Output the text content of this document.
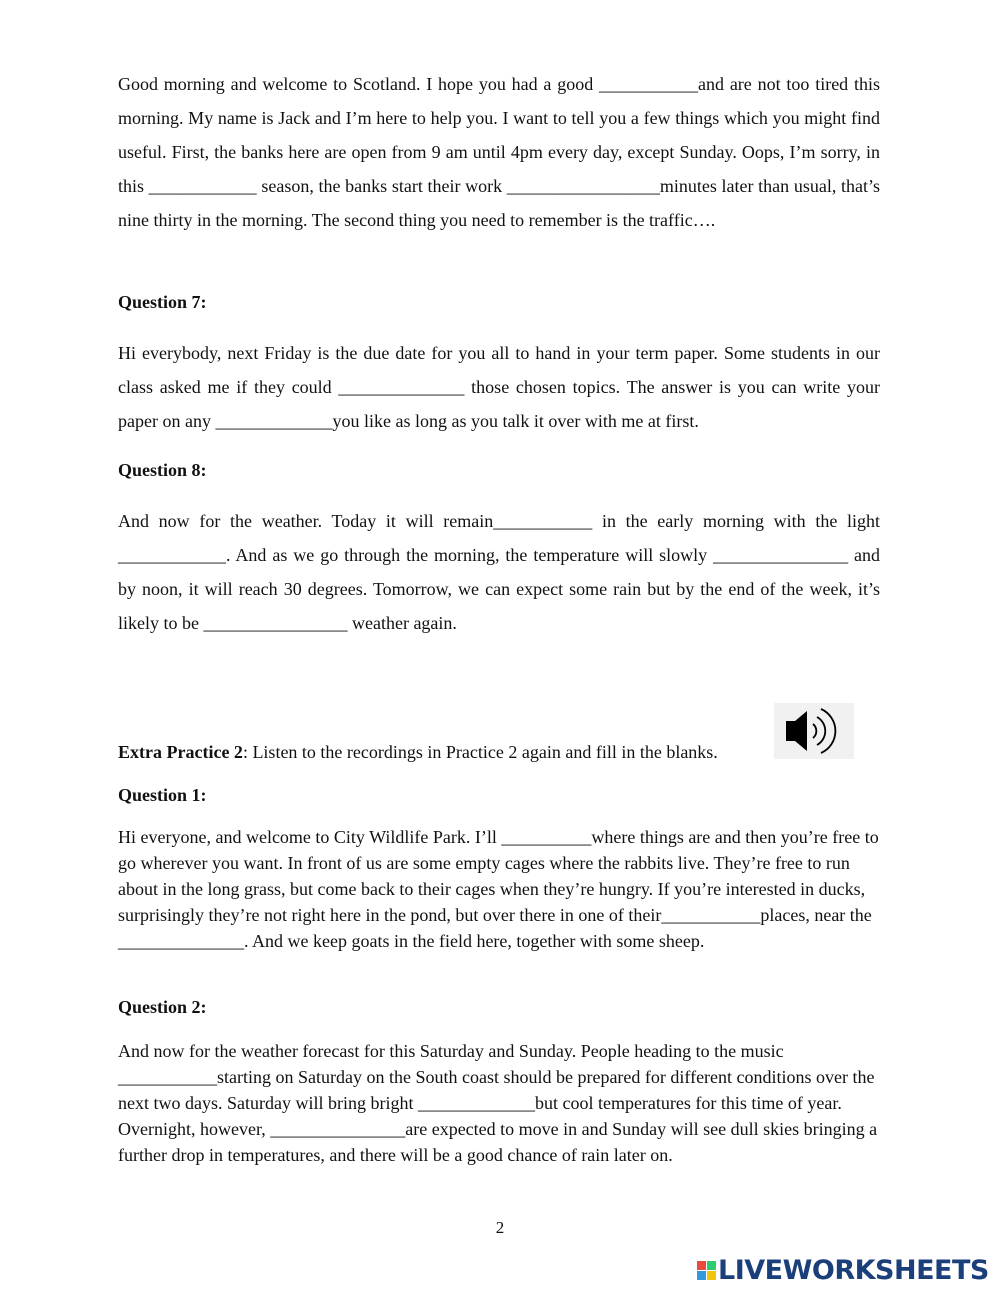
Good morning and welcome to Scotland. I hope you had a good ___________and are not too tired this morning. My name is Jack and I’m here to help you. I want to tell you a few things which you might find useful. First, the banks here are open from 9 am until 4pm every day, except Sunday. Oops, I’m sorry, in this ____________ season, the banks start their work _________________minutes later than usual, that’s nine thirty in the morning. The second thing you need to remember is the traffic….

Question 7:

Hi everybody, next Friday is the due date for you all to hand in your term paper. Some students in our class asked me if they could ______________ those chosen topics. The answer is you can write your paper on any _____________you like as long as you talk it over with me at first.

Question 8:

And now for the weather. Today it will remain___________ in the early morning with the light ____________. And as we go through the morning, the temperature will slowly _______________ and by noon, it will reach 30 degrees. Tomorrow, we can expect some rain but by the end of the week, it’s likely to be ________________ weather again.

Extra Practice 2: Listen to the recordings in Practice 2 again and fill in the blanks.

Question 1:

Hi everyone, and welcome to City Wildlife Park. I’ll __________where things are and then you’re free to go wherever you want. In front of us are some empty cages where the rabbits live. They’re free to run about in the long grass, but come back to their cages when they’re hungry. If you’re interested in ducks, surprisingly they’re not right here in the pond, but over there in one of their___________places, near the ______________. And we keep goats in the field here, together with some sheep.

Question 2:

And now for the weather forecast for this Saturday and Sunday. People heading to the music ___________starting on Saturday on the South coast should be prepared for different conditions over the next two days. Saturday will bring bright _____________but cool temperatures for this time of year. Overnight, however, _______________are expected to move in and Sunday will see dull skies bringing a further drop in temperatures, and there will be a good chance of rain later on.

2
LIVEWORKSHEETS
